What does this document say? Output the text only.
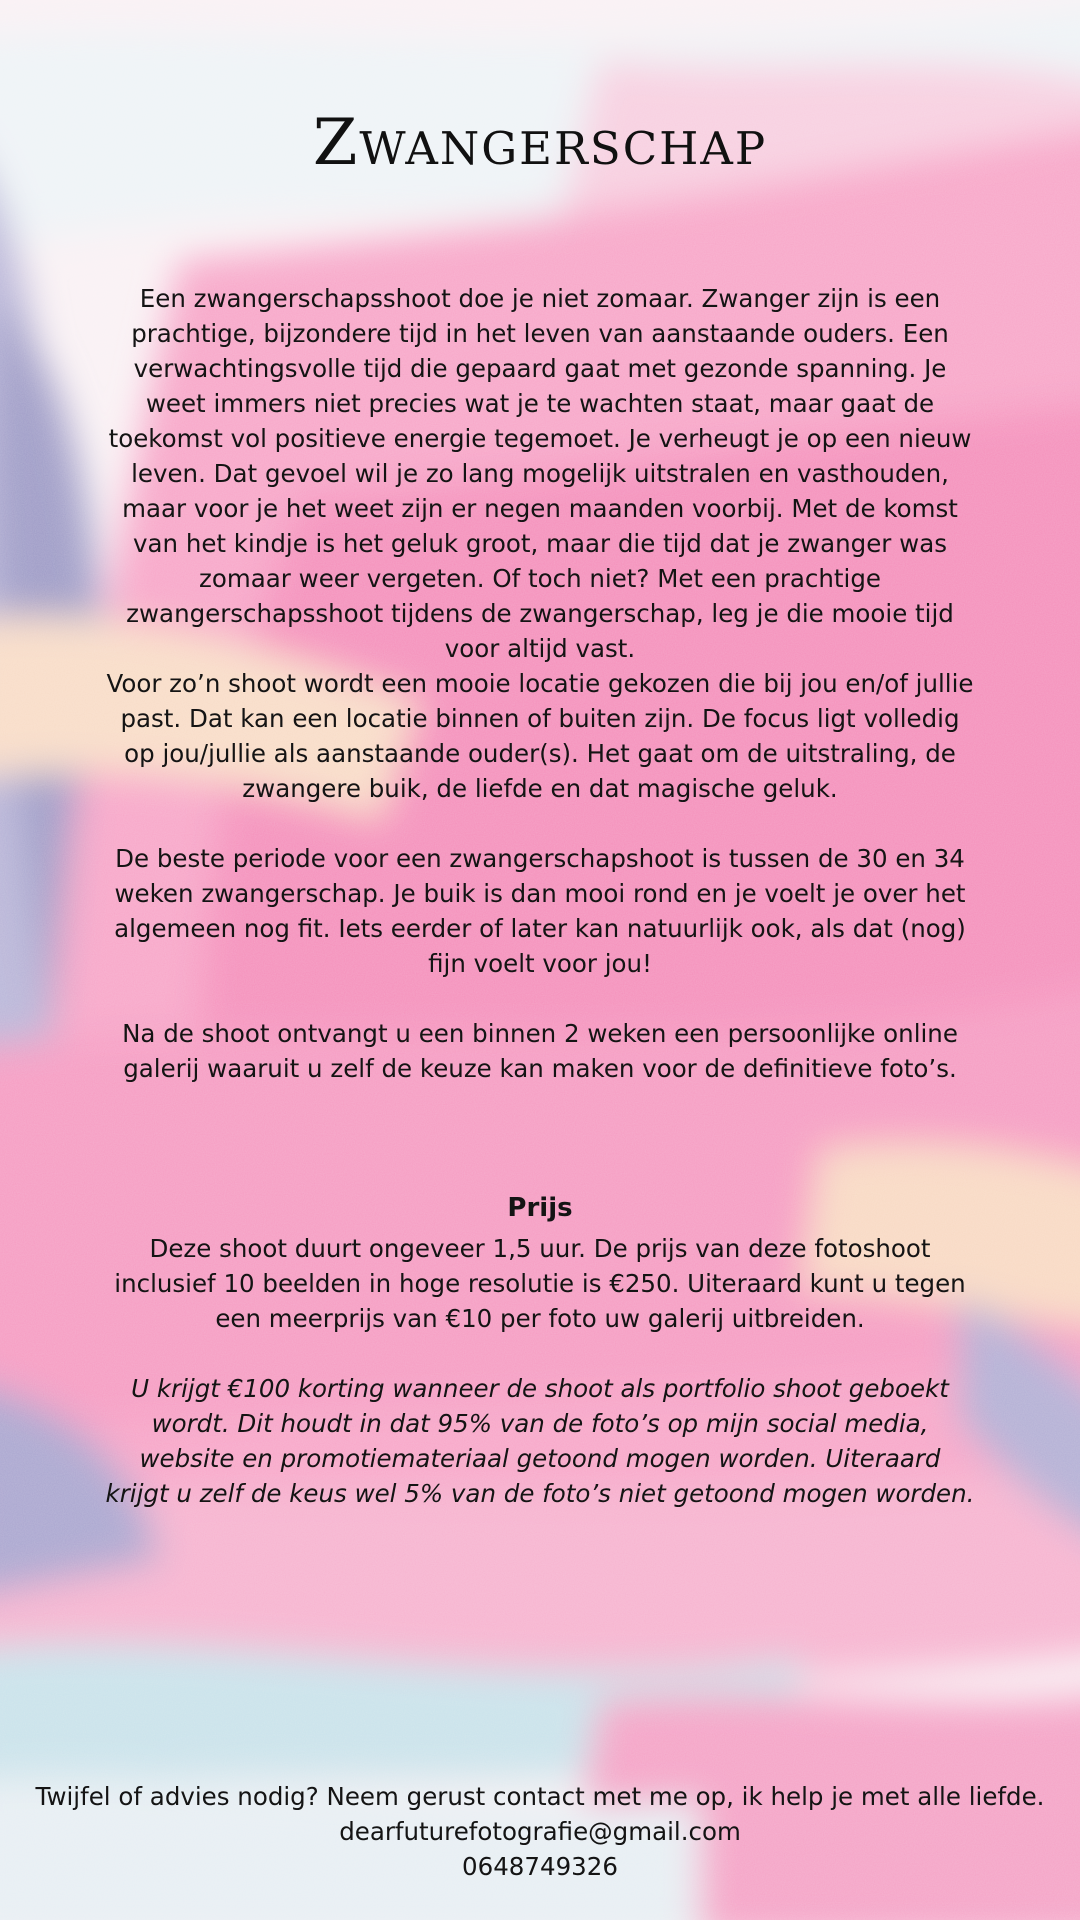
Zwangerschap

Een zwangerschapsshoot doe je niet zomaar. Zwanger zijn is een prachtige, bijzondere tijd in het leven van aanstaande ouders. Een verwachtingsvolle tijd die gepaard gaat met gezonde spanning. Je weet immers niet precies wat je te wachten staat, maar gaat de toekomst vol positieve energie tegemoet. Je verheugt je op een nieuw leven. Dat gevoel wil je zo lang mogelijk uitstralen en vasthouden, maar voor je het weet zijn er negen maanden voorbij. Met de komst van het kindje is het geluk groot, maar die tijd dat je zwanger was zomaar weer vergeten. Of toch niet? Met een prachtige zwangerschapsshoot tijdens de zwangerschap, leg je die mooie tijd voor altijd vast.

Voor zo’n shoot wordt een mooie locatie gekozen die bij jou en/of jullie past. Dat kan een locatie binnen of buiten zijn. De focus ligt volledig op jou/jullie als aanstaande ouder(s). Het gaat om de uitstraling, de zwangere buik, de liefde en dat magische geluk.

De beste periode voor een zwangerschapshoot is tussen de 30 en 34 weken zwangerschap. Je buik is dan mooi rond en je voelt je over het algemeen nog fit. Iets eerder of later kan natuurlijk ook, als dat (nog) fijn voelt voor jou!

Na de shoot ontvangt u een binnen 2 weken een persoonlijke online galerij waaruit u zelf de keuze kan maken voor de definitieve foto’s.

Prijs

Deze shoot duurt ongeveer 1,5 uur. De prijs van deze fotoshoot inclusief 10 beelden in hoge resolutie is €250. Uiteraard kunt u tegen een meerprijs van €10 per foto uw galerij uitbreiden.

U krijgt €100 korting wanneer de shoot als portfolio shoot geboekt wordt. Dit houdt in dat 95% van de foto’s op mijn social media, website en promotiemateriaal getoond mogen worden. Uiteraard krijgt u zelf de keus wel 5% van de foto’s niet getoond mogen worden.

Twijfel of advies nodig? Neem gerust contact met me op, ik help je met alle liefde.
dearfuturefotografie@gmail.com
0648749326
